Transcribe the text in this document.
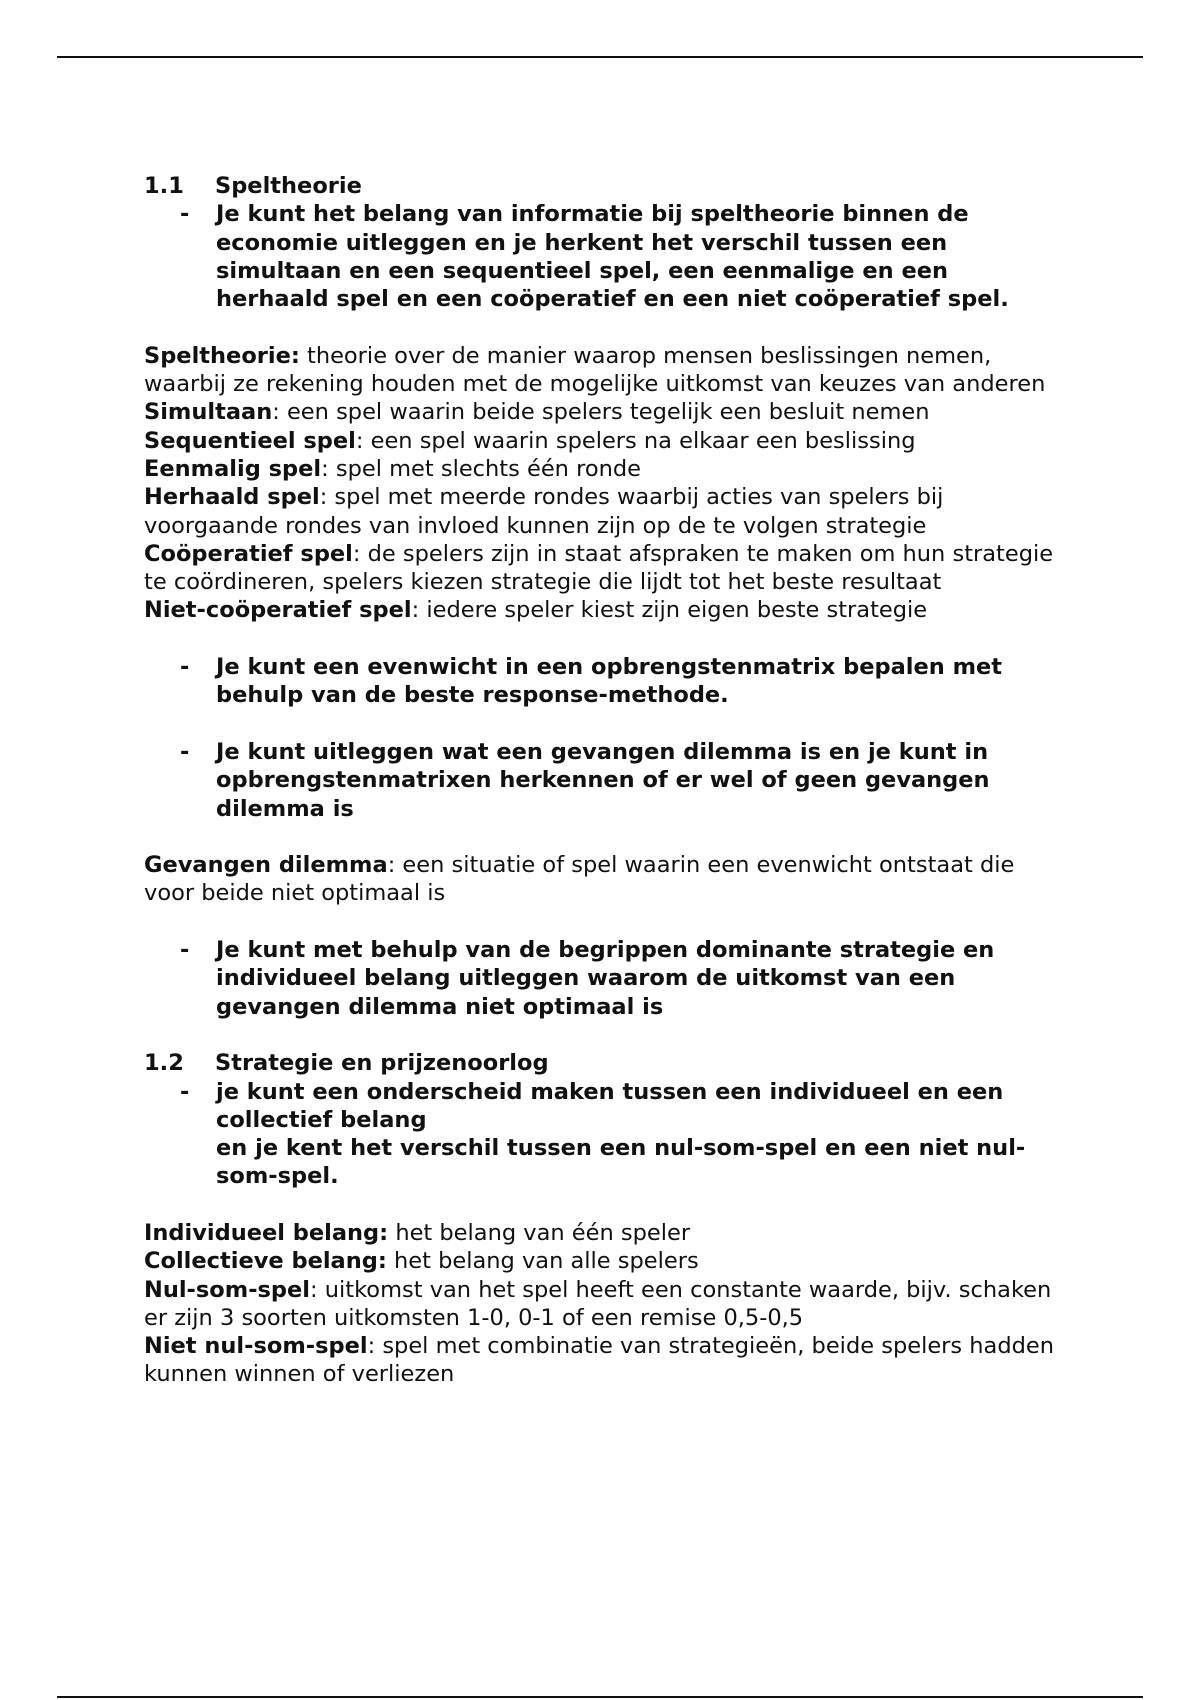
1.1 Speltheorie
- Je kunt het belang van informatie bij speltheorie binnen de economie uitleggen en je herkent het verschil tussen een simultaan en een sequentieel spel, een eenmalige en een herhaald spel en een coöperatief en een niet coöperatief spel.

Speltheorie: theorie over de manier waarop mensen beslissingen nemen, waarbij ze rekening houden met de mogelijke uitkomst van keuzes van anderen

Simultaan: een spel waarin beide spelers tegelijk een besluit nemen

Sequentieel spel: een spel waarin spelers na elkaar een beslissing

Eenmalig spel: spel met slechts één ronde

Herhaald spel: spel met meerde rondes waarbij acties van spelers bij voorgaande rondes van invloed kunnen zijn op de te volgen strategie

Coöperatief spel: de spelers zijn in staat afspraken te maken om hun strategie te coördineren, spelers kiezen strategie die lijdt tot het beste resultaat

Niet-coöperatief spel: iedere speler kiest zijn eigen beste strategie

- Je kunt een evenwicht in een opbrengstenmatrix bepalen met behulp van de beste response-methode.
- Je kunt uitleggen wat een gevangen dilemma is en je kunt in opbrengstenmatrixen herkennen of er wel of geen gevangen dilemma is

Gevangen dilemma: een situatie of spel waarin een evenwicht ontstaat die voor beide niet optimaal is

- Je kunt met behulp van de begrippen dominante strategie en individueel belang uitleggen waarom de uitkomst van een gevangen dilemma niet optimaal is
1.2 Strategie en prijzenoorlog
- je kunt een onderscheid maken tussen een individueel en een collectief belang
en je kent het verschil tussen een nul-som-spel en een niet nul-som-spel.

Individueel belang: het belang van één speler

Collectieve belang: het belang van alle spelers

Nul-som-spel: uitkomst van het spel heeft een constante waarde, bijv. schaken er zijn 3 soorten uitkomsten 1-0, 0-1 of een remise 0,5-0,5

Niet nul-som-spel: spel met combinatie van strategieën, beide spelers hadden kunnen winnen of verliezen
